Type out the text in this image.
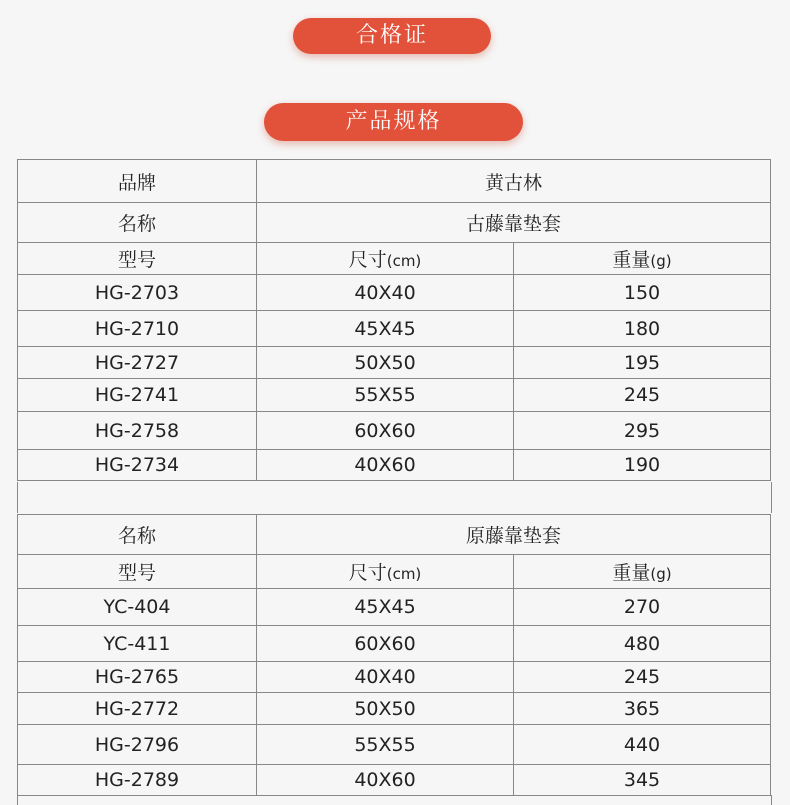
合格证
产品规格
品牌	黄古林	
名称	古藤靠垫套	
型号	尺寸(cm)	重量(g)
HG-2703	40X40	150
HG-2710	45X45	180
HG-2727	50X50	195
HG-2741	55X55	245
HG-2758	60X60	295
HG-2734	40X60	190
名称	原藤靠垫套	
型号	尺寸(cm)	重量(g)
YC-404	45X45	270
YC-411	60X60	480
HG-2765	40X40	245
HG-2772	50X50	365
HG-2796	55X55	440
HG-2789	40X60	345
